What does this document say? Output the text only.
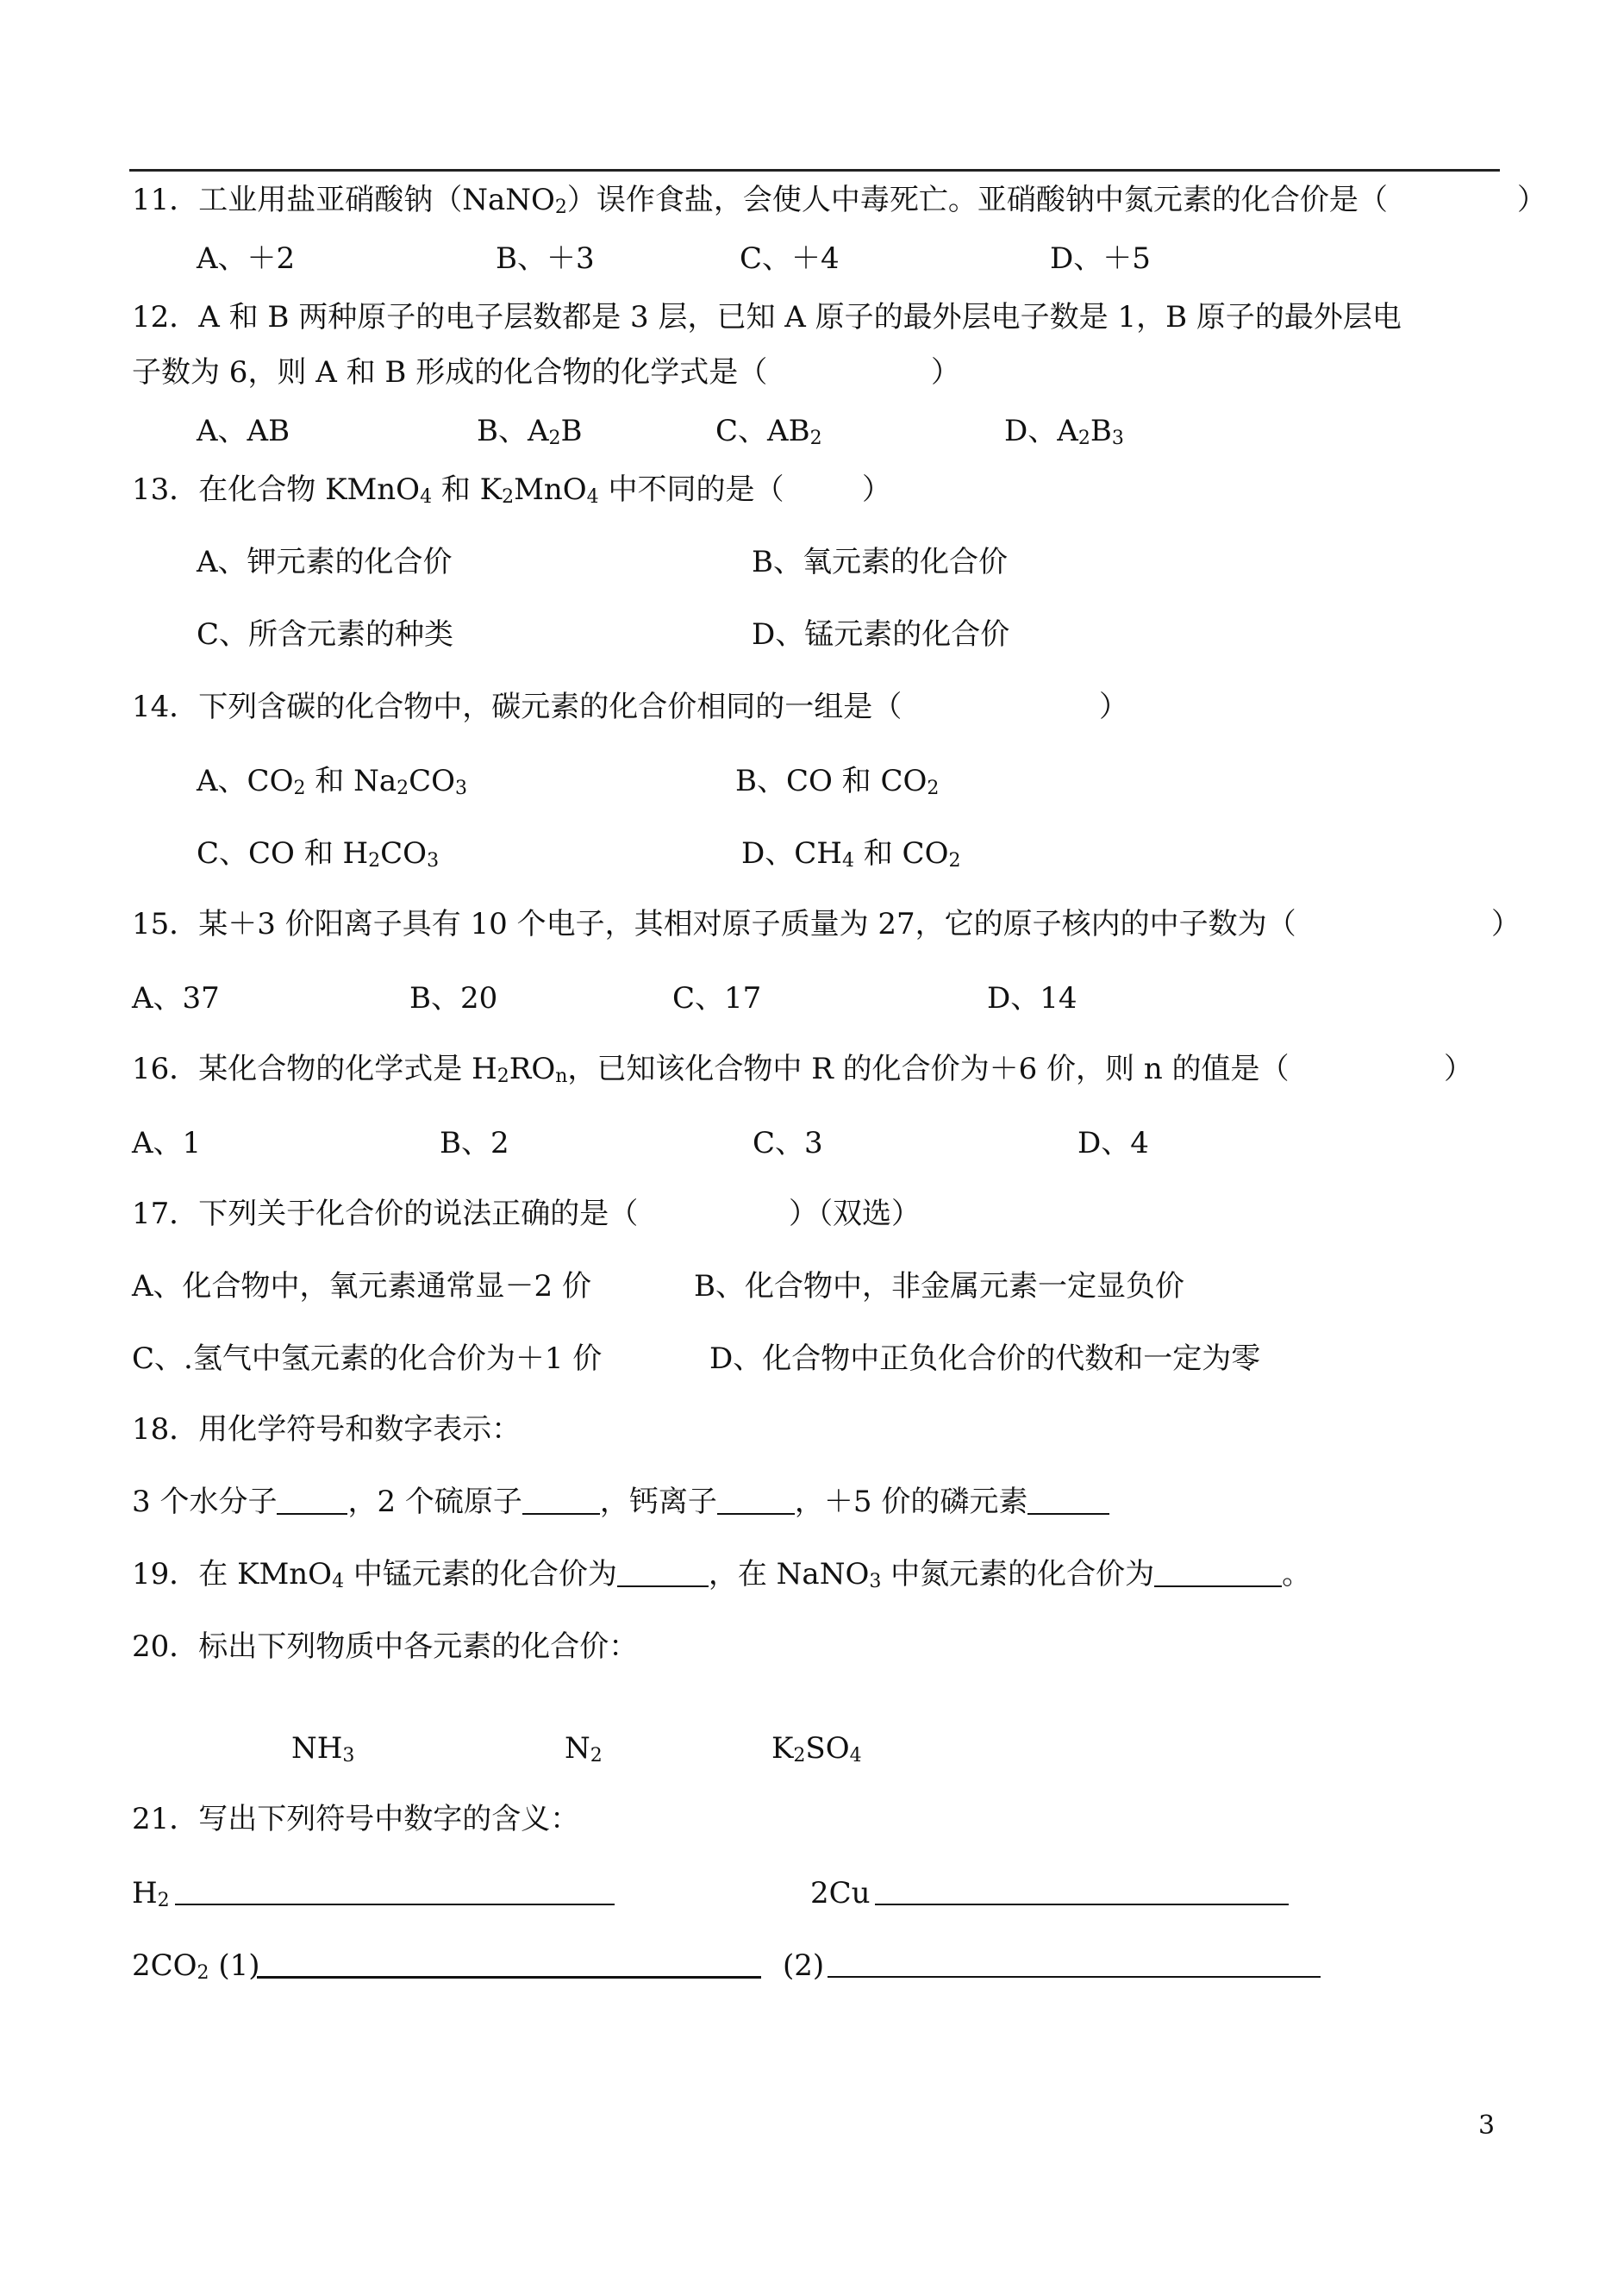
11．工业用盐亚硝酸钠（NaNO$_2$）误作食盐，会使人中毒死亡。亚硝酸钠中氮元素的化合价是（	）
A、＋2	B、＋3	C、＋4	D、＋5
12．A 和 B 两种原子的电子层数都是 3 层，已知 A 原子的最外层电子数是 1，B 原子的最外层电
子数为 6，则 A 和 B 形成的化合物的化学式是（	）
A、AB	B、$A_2B$	C、$AB_2$	D、$A_2B_3$
13．在化合物 KMnO$_4$ 和 $K_2MnO_4$ 中不同的是（	）
A、钾元素的化合价	B、氧元素的化合价
C、所含元素的种类	D、锰元素的化合价
14．下列含碳的化合物中，碳元素的化合价相同的一组是（	）
A、$CO_2$ 和 $Na_2CO_3$	B、CO 和 $CO_2$
C、CO 和 $H_2CO_3$	D、$CH_4$ 和 $CO_2$
15．某＋3 价阳离子具有 10 个电子，其相对原子质量为 27，它的原子核内的中子数为（	）
A、37	B、20	C、17	D、14
16．某化合物的化学式是 $H_2RO_n$，已知该化合物中 R 的化合价为＋6 价，则 n 的值是（	）
A、1	B、2	C、3	D、4
17．下列关于化合价的说法正确的是（	）（双选）
A、化合物中，氧元素通常显－2 价	B、化合物中，非金属元素一定显负价
C、.氢气中氢元素的化合价为＋1 价	D、化合物中正负化合价的代数和一定为零
18．用化学符号和数字表示：
3 个水分子 ，2 个硫原子	，钙离子	，＋5 价的磷元素
19．在 KMnO$_4$ 中锰元素的化合价为	，在 NaNO$_3$ 中氮元素的化合价为	。
20．标出下列物质中各元素的化合价：
$NH_3$	$N_2$	$K_2SO_4$
21．写出下列符号中数字的含义：
$H_2$	2Cu
$2CO_2$ (1)	(2)
3
